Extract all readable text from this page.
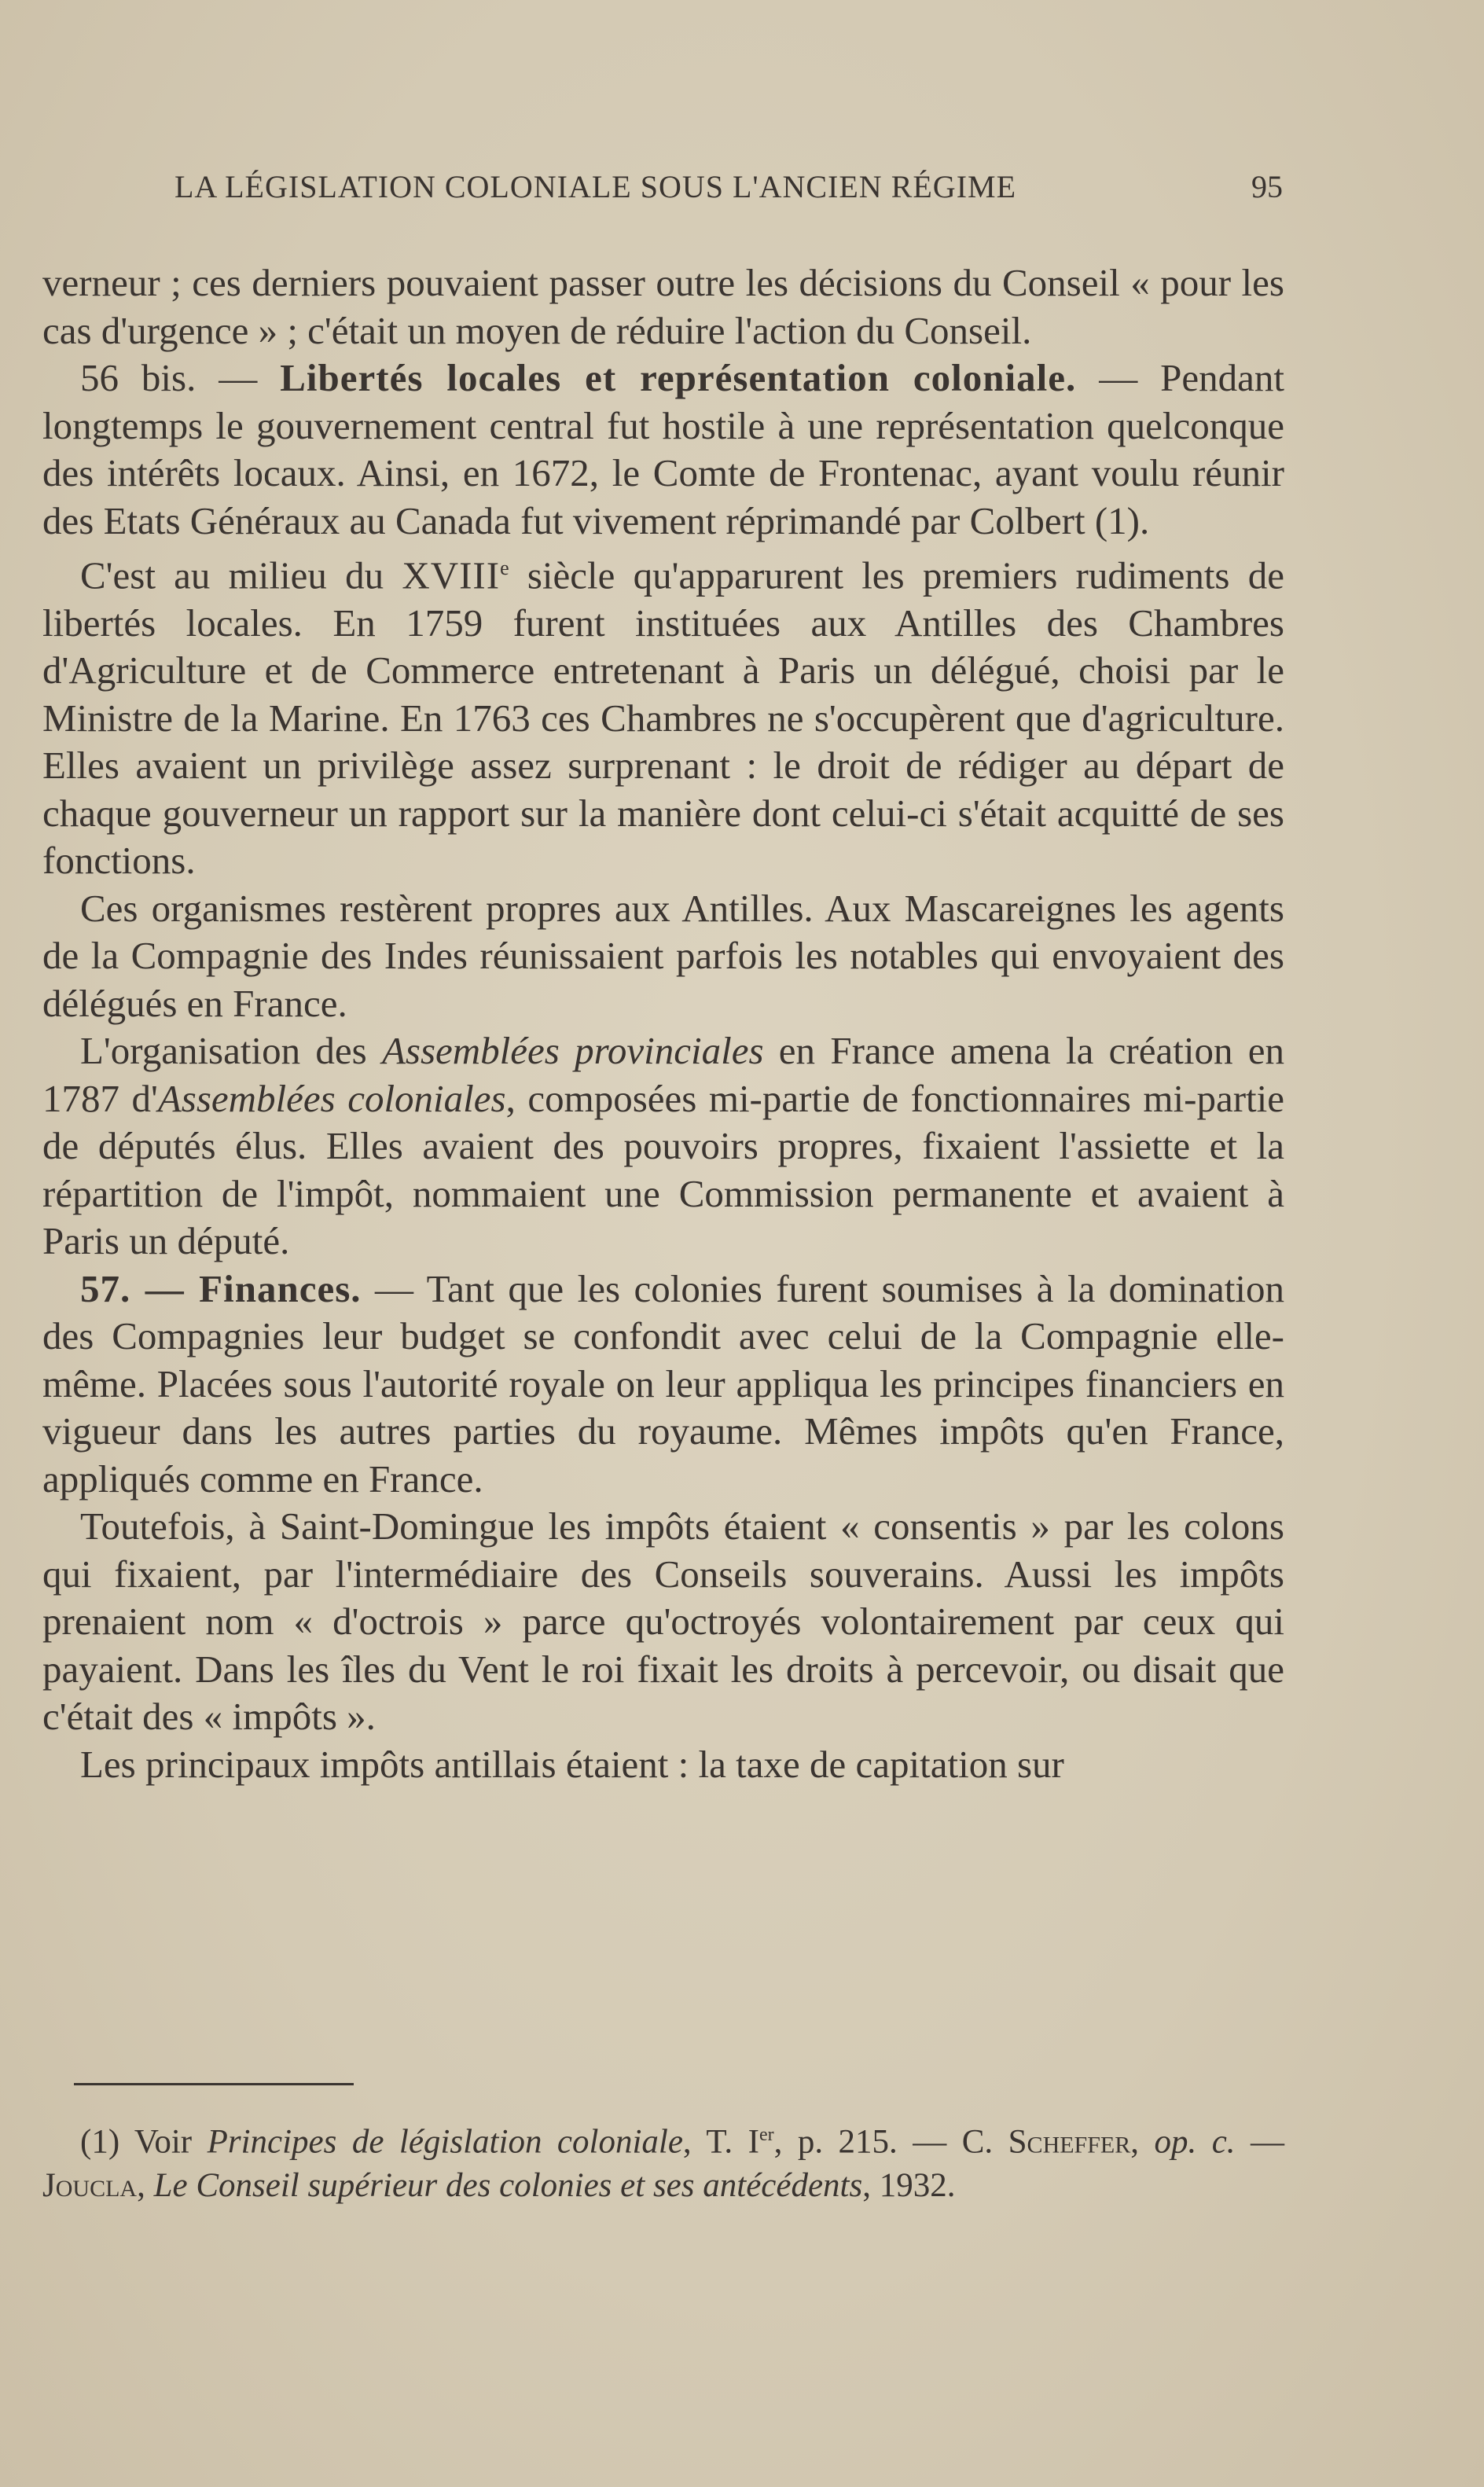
LA LÉGISLATION COLONIALE SOUS L'ANCIEN RÉGIME	95

verneur ; ces derniers pouvaient passer outre les décisions du Conseil « pour les cas d'urgence » ; c'était un moyen de réduire l'action du Conseil.

56 bis. — Libertés locales et représentation coloniale. — Pendant longtemps le gouvernement central fut hostile à une représentation quelconque des intérêts locaux. Ainsi, en 1672, le Comte de Frontenac, ayant voulu réunir des Etats Généraux au Canada fut vivement réprimandé par Colbert (1).

C'est au milieu du XVIIIe siècle qu'apparurent les premiers rudiments de libertés locales. En 1759 furent instituées aux Antilles des Chambres d'Agriculture et de Commerce entretenant à Paris un délégué, choisi par le Ministre de la Marine. En 1763 ces Chambres ne s'occupèrent que d'agriculture. Elles avaient un privilège assez surprenant : le droit de rédiger au départ de chaque gouverneur un rapport sur la manière dont celui-ci s'était acquitté de ses fonctions.

Ces organismes restèrent propres aux Antilles. Aux Mascareignes les agents de la Compagnie des Indes réunissaient parfois les notables qui envoyaient des délégués en France.

L'organisation des Assemblées provinciales en France amena la création en 1787 d'Assemblées coloniales, composées mi-partie de fonctionnaires mi-partie de députés élus. Elles avaient des pouvoirs propres, fixaient l'assiette et la répartition de l'impôt, nommaient une Commission permanente et avaient à Paris un député.

57. — Finances. — Tant que les colonies furent soumises à la domination des Compagnies leur budget se confondit avec celui de la Compagnie elle-même. Placées sous l'autorité royale on leur appliqua les principes financiers en vigueur dans les autres parties du royaume. Mêmes impôts qu'en France, appliqués comme en France.

Toutefois, à Saint-Domingue les impôts étaient « consentis » par les colons qui fixaient, par l'intermédiaire des Conseils souverains. Aussi les impôts prenaient nom « d'octrois » parce qu'octroyés volontairement par ceux qui payaient. Dans les îles du Vent le roi fixait les droits à percevoir, ou disait que c'était des « impôts ».

Les principaux impôts antillais étaient : la taxe de capitation sur

(1) Voir Principes de législation coloniale, T. Ier, p. 215. — C. Scheffer, op. c. — Joucla, Le Conseil supérieur des colonies et ses antécédents, 1932.
